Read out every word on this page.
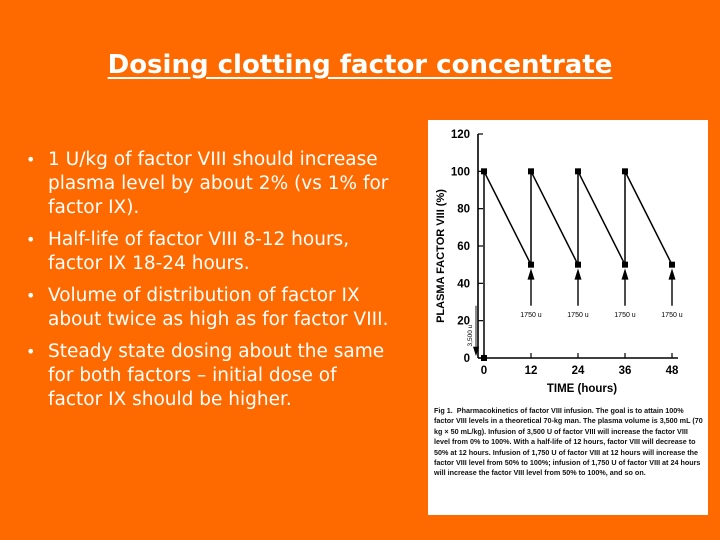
Dosing clotting factor concentrate
• 1 U/kg of factor VIII should increase plasma level by about 2% (vs 1% for factor IX).
• Half-life of factor VIII 8-12 hours, factor IX 18-24 hours.
• Volume of distribution of factor IX about twice as high as for factor VIII.
• Steady state dosing about the same for both factors – initial dose of factor IX should be higher.
0
20
40
60
80
100
120
0	12	24	36	48
TIME (hours)
PLASMA FACTOR VIII (%)
3,500 u
1750 u	1750 u	1750 u	1750 u
Fig 1. Pharmacokinetics of factor VIII infusion. The goal is to attain 100% factor VIII levels in a theoretical 70-kg man. The plasma volume is 3,500 mL (70 kg × 50 mL/kg). Infusion of 3,500 U of factor VIII will increase the factor VIII level from 0% to 100%. With a half-life of 12 hours, factor VIII will decrease to 50% at 12 hours. Infusion of 1,750 U of factor VIII at 12 hours will increase the factor VIII level from 50% to 100%; infusion of 1,750 U of factor VIII at 24 hours will increase the factor VIII level from 50% to 100%, and so on.
